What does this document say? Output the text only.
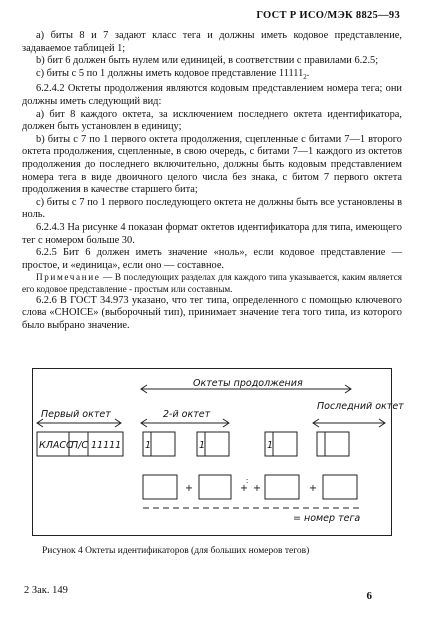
ГОСТ Р ИСО/МЭК 8825—93

а) биты 8 и 7 задают класс тега и должны иметь кодовое представление, задаваемое таблицей 1;

b) бит 6 должен быть нулем или единицей, в соответствии с правилами 6.2.5;

с) биты с 5 по 1 должны иметь кодовое представление $11111_2$.

6.2.4.2 Октеты продолжения являются кодовым представлением номера тега; они должны иметь следующий вид:

а) бит 8 каждого октета, за исключением последнего октета идентификатора, должен быть установлен в единицу;

b) биты с 7 по 1 первого октета продолжения, сцепленные с битами 7—1 второго октета продолжения, сцепленные, в свою очередь, с битами 7—1 каждого из октетов продолжения до последнего включительно, должны быть кодовым представлением номера тега в виде двоичного целого числа без знака, с битом 7 первого октета продолжения в качестве старшего бита;

с) биты с 7 по 1 первого последующего октета не должны быть все установлены в ноль.

6.2.4.3 На рисунке 4 показан формат октетов идентификатора для типа, имеющего тег с номером больше 30.

6.2.5 Бит 6 должен иметь значение «ноль», если кодовое представление — простое, и «единица», если оно — составное.

Примечание — В последующих разделах для каждого типа указывается, каким является его кодовое представление - простым или составным.

6.2.6 В ГОСТ 34.973 указано, что тег типа, определенного с помощью ключевого слова «CHOICE» (выборочный тип), принимает значение тега того типа, из которого было выбрано значение.

Октеты продолжения
Первый октет	2-й октет
Последний октет
КЛАСС
П/С 11111	1	1	1
+	+ +	+
= номер тега
:
Рисунок 4 Октеты идентификаторов (для больших номеров тегов)
2 Зак. 149	6
